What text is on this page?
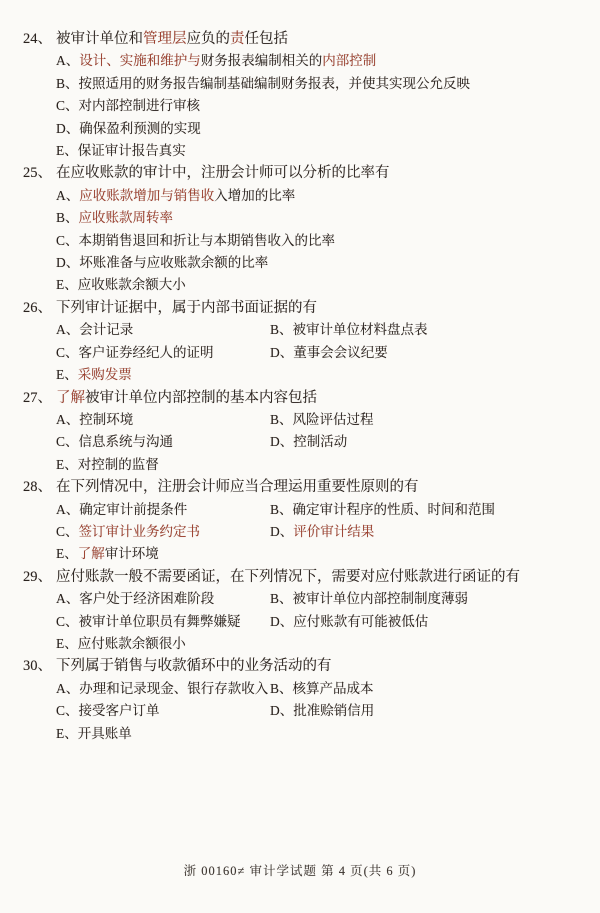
24、 被审计单位和管理层应负的责任包括
A、设计、实施和维护与财务报表编制相关的内部控制
B、按照适用的财务报告编制基础编制财务报表，并使其实现公允反映
C、对内部控制进行审核
D、确保盈利预测的实现
E、保证审计报告真实
25、 在应收账款的审计中，注册会计师可以分析的比率有
A、应收账款增加与销售收入增加的比率
B、应收账款周转率
C、本期销售退回和折让与本期销售收入的比率
D、坏账准备与应收账款余额的比率
E、应收账款余额大小
26、 下列审计证据中，属于内部书面证据的有
A、会计记录	B、被审计单位材料盘点表
C、客户证券经纪人的证明	D、董事会会议纪要
E、采购发票
27、 了解被审计单位内部控制的基本内容包括
A、控制环境	B、风险评估过程
C、信息系统与沟通	D、控制活动
E、对控制的监督
28、 在下列情况中，注册会计师应当合理运用重要性原则的有
A、确定审计前提条件	B、确定审计程序的性质、时间和范围
C、签订审计业务约定书	D、评价审计结果
E、了解审计环境
29、 应付账款一般不需要函证，在下列情况下，需要对应付账款进行函证的有
A、客户处于经济困难阶段	B、被审计单位内部控制制度薄弱
C、被审计单位职员有舞弊嫌疑 D、应付账款有可能被低估
E、应付账款余额很小
30、 下列属于销售与收款循环中的业务活动的有
A、办理和记录现金、银行存款收入 B、核算产品成本
C、接受客户订单	D、批准赊销信用
E、开具账单
浙 00160≠ 审计学试题 第 4 页(共 6 页)
